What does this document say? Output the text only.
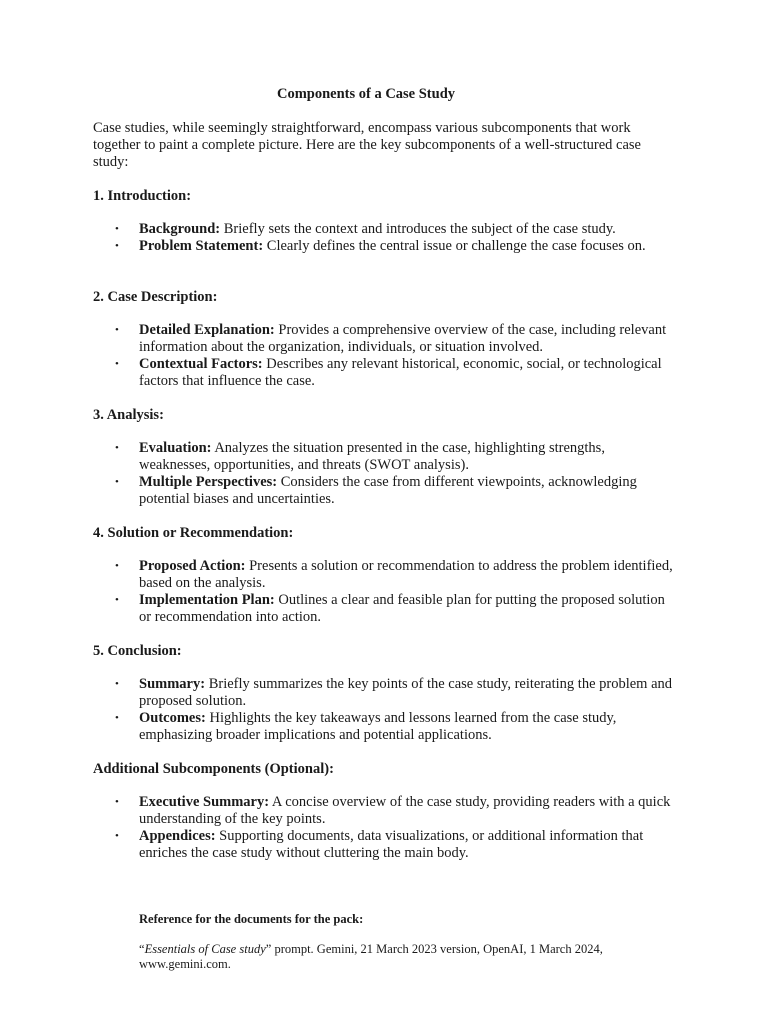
Components of a Case Study

Case studies, while seemingly straightforward, encompass various subcomponents that work together to paint a complete picture. Here are the key subcomponents of a well-structured case study:

1. Introduction:

• Background: Briefly sets the context and introduces the subject of the case study.
• Problem Statement: Clearly defines the central issue or challenge the case focuses on.

2. Case Description:

• Detailed Explanation: Provides a comprehensive overview of the case, including relevant information about the organization, individuals, or situation involved.
• Contextual Factors: Describes any relevant historical, economic, social, or technological factors that influence the case.

3. Analysis:

• Evaluation: Analyzes the situation presented in the case, highlighting strengths, weaknesses, opportunities, and threats (SWOT analysis).
• Multiple Perspectives: Considers the case from different viewpoints, acknowledging potential biases and uncertainties.

4. Solution or Recommendation:

• Proposed Action: Presents a solution or recommendation to address the problem identified, based on the analysis.
• Implementation Plan: Outlines a clear and feasible plan for putting the proposed solution or recommendation into action.

5. Conclusion:

• Summary: Briefly summarizes the key points of the case study, reiterating the problem and proposed solution.
• Outcomes: Highlights the key takeaways and lessons learned from the case study, emphasizing broader implications and potential applications.

Additional Subcomponents (Optional):

• Executive Summary: A concise overview of the case study, providing readers with a quick understanding of the key points.
• Appendices: Supporting documents, data visualizations, or additional information that enriches the case study without cluttering the main body.

Reference for the documents for the pack:

“Essentials of Case study” prompt. Gemini, 21 March 2023 version, OpenAI, 1 March 2024, www.gemini.com.
